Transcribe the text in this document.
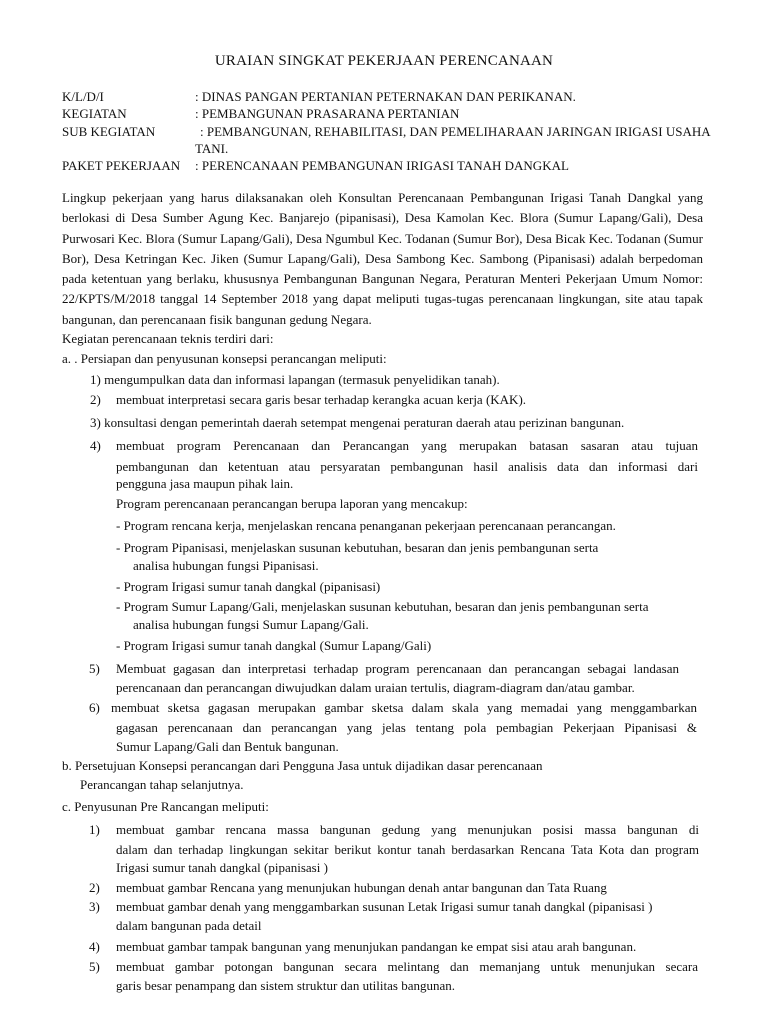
URAIAN SINGKAT PEKERJAAN PERENCANAAN
K/L/D/I	: DINAS PANGAN PERTANIAN PETERNAKAN DAN PERIKANAN.
KEGIATAN	: PEMBANGUNAN PRASARANA PERTANIAN
SUB KEGIATAN	: PEMBANGUNAN, REHABILITASI, DAN PEMELIHARAAN JARINGAN IRIGASI USAHA
TANI.
PAKET PEKERJAAN : PERENCANAAN PEMBANGUNAN IRIGASI TANAH DANGKAL
Lingkup pekerjaan yang harus dilaksanakan oleh Konsultan Perencanaan Pembangunan Irigasi Tanah Dangkal yang berlokasi di Desa Sumber Agung Kec. Banjarejo (pipanisasi), Desa Kamolan Kec. Blora (Sumur Lapang/Gali), Desa Purwosari Kec. Blora (Sumur Lapang/Gali), Desa Ngumbul Kec. Todanan (Sumur Bor), Desa Bicak Kec. Todanan (Sumur Bor), Desa Ketringan Kec. Jiken (Sumur Lapang/Gali), Desa Sambong Kec. Sambong (Pipanisasi) adalah berpedoman pada ketentuan yang berlaku, khususnya Pembangunan Bangunan Negara, Peraturan Menteri Pekerjaan Umum Nomor: 22/KPTS/M/2018 tanggal 14 September 2018 yang dapat meliputi tugas-tugas perencanaan lingkungan, site atau tapak bangunan, dan perencanaan fisik bangunan gedung Negara.
Kegiatan perencanaan teknis terdiri dari:
a. . Persiapan dan penyusunan konsepsi perancangan meliputi:
1) mengumpulkan data dan informasi lapangan (termasuk penyelidikan tanah).
2) membuat interpretasi secara garis besar terhadap kerangka acuan kerja (KAK).
3) konsultasi dengan pemerintah daerah setempat mengenai peraturan daerah atau perizinan bangunan.
4) membuat program Perencanaan dan Perancangan yang merupakan batasan sasaran atau tujuan
pembangunan dan ketentuan atau persyaratan pembangunan hasil analisis data dan informasi dari
pengguna jasa maupun pihak lain.
Program perencanaan perancangan berupa laporan yang mencakup:
- Program rencana kerja, menjelaskan rencana penanganan pekerjaan perencanaan perancangan.
- Program Pipanisasi, menjelaskan susunan kebutuhan, besaran dan jenis pembangunan serta
analisa hubungan fungsi Pipanisasi.
- Program Irigasi sumur tanah dangkal (pipanisasi)
- Program Sumur Lapang/Gali, menjelaskan susunan kebutuhan, besaran dan jenis pembangunan serta
analisa hubungan fungsi Sumur Lapang/Gali.
- Program Irigasi sumur tanah dangkal (Sumur Lapang/Gali)
5) Membuat gagasan dan interpretasi terhadap program perencanaan dan perancangan sebagai landasan
perencanaan dan perancangan diwujudkan dalam uraian tertulis, diagram-diagram dan/atau gambar.
6) membuat sketsa gagasan merupakan gambar sketsa dalam skala yang memadai yang menggambarkan
gagasan perencanaan dan perancangan yang jelas tentang pola pembagian Pekerjaan Pipanisasi &
Sumur Lapang/Gali dan Bentuk bangunan.
b. Persetujuan Konsepsi perancangan dari Pengguna Jasa untuk dijadikan dasar perencanaan
Perancangan tahap selanjutnya.
c. Penyusunan Pre Rancangan meliputi:
1) membuat gambar rencana massa bangunan gedung yang menunjukan posisi massa bangunan di
dalam dan terhadap lingkungan sekitar berikut kontur tanah berdasarkan Rencana Tata Kota dan program
Irigasi sumur tanah dangkal (pipanisasi )
2) membuat gambar Rencana yang menunjukan hubungan denah antar bangunan dan Tata Ruang
3) membuat gambar denah yang menggambarkan susunan Letak Irigasi sumur tanah dangkal (pipanisasi )
dalam bangunan pada detail
4) membuat gambar tampak bangunan yang menunjukan pandangan ke empat sisi atau arah bangunan.
5) membuat gambar potongan bangunan secara melintang dan memanjang untuk menunjukan secara
garis besar penampang dan sistem struktur dan utilitas bangunan.
